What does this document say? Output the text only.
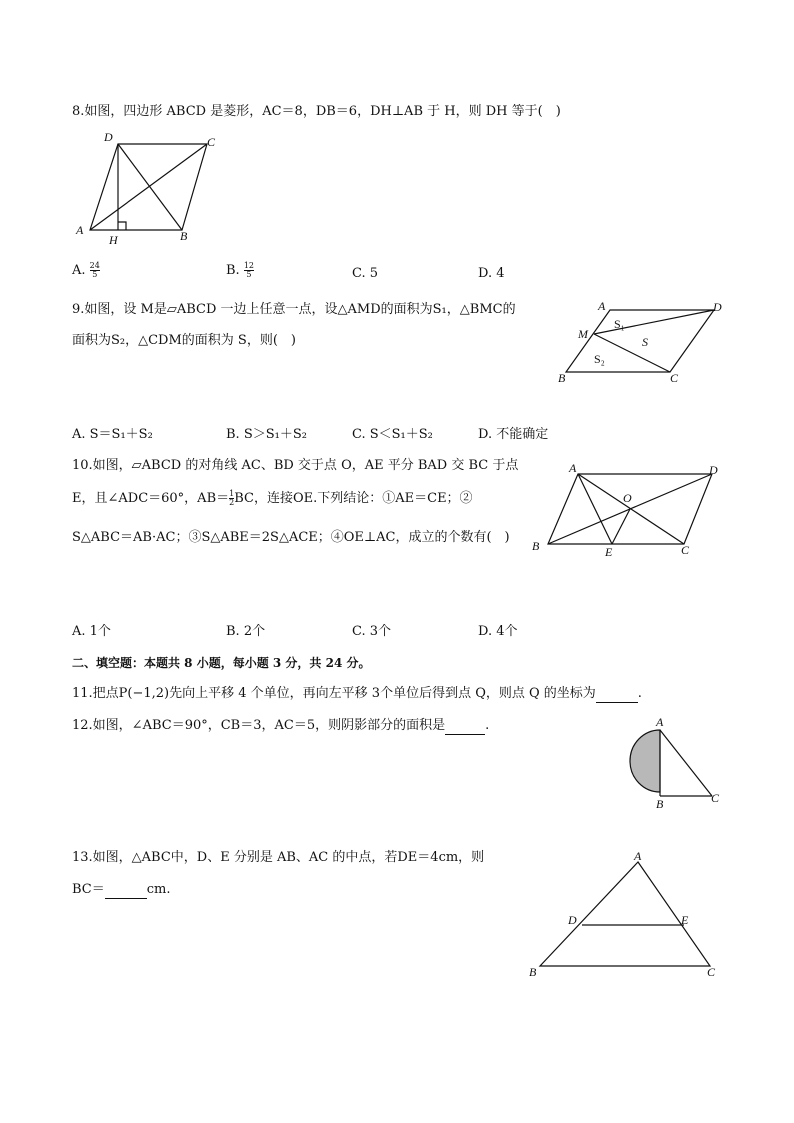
8.如图，四边形 ABCD 是菱形，AC＝8，DB＝6，DH⊥AB 于 H，则 DH 等于(　)
D	C
A
H	B
A. $\frac{24}{5}$	B. $\frac{12}{5}$	C. 5	D. 4
9.如图，设 M是▱ABCD 一边上任意一点，设△AMD的面积为S₁，△BMC的
面积为S₂，△CDM的面积为 S，则(　)
A	D
M
S₁
S
S₂
B	C
A. S＝S₁＋S₂	B. S＞S₁＋S₂	C. S＜S₁＋S₂	D. 不能确定
10.如图，▱ABCD 的对角线 AC、BD 交于点 O，AE 平分 BAD 交 BC 于点
E，且∠ADC＝60°，$AB= \frac{1}{2}$ BC，连接OE.下列结论：①AE＝CE；②
S△ABC＝AB·AC；③S△ABE＝2S△ACE；④OE⊥AC，成立的个数有(　)
A	D
O
B	E	C
A. 1个	B. 2个	C. 3个	D. 4个
二、填空题：本题共 8 小题，每小题 3 分，共 24 分。
11.把点P(−1,2)先向上平移 4 个单位，再向左平移 3个单位后得到点 Q，则点 Q 的坐标为	.
12.如图，∠ABC＝90°，CB＝3，AC＝5，则阴影部分的面积是	.	A
B	C
13.如图，△ABC中，D、E 分别是 AB、AC 的中点，若DE＝4cm，则
BC＝	cm.
A
D	E
B	C
